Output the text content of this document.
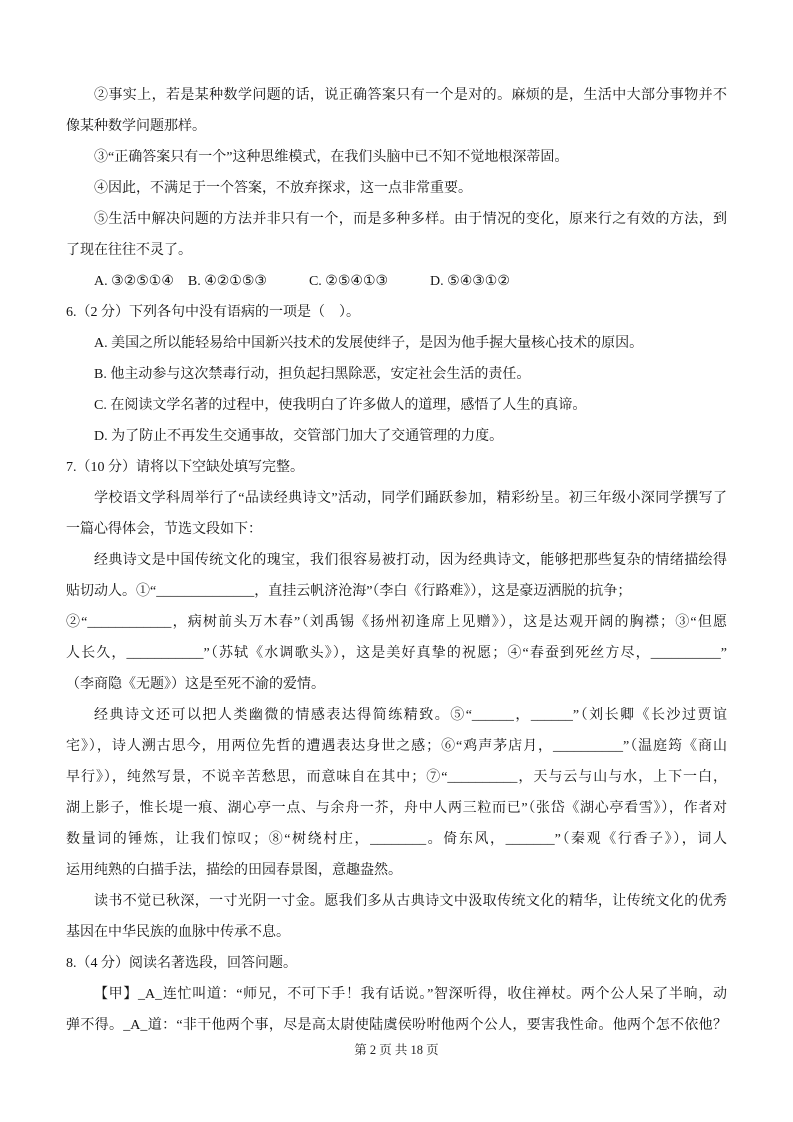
②事实上，若是某种数学问题的话，说正确答案只有一个是对的。麻烦的是，生活中大部分事物并不
像某种数学问题那样。
③“正确答案只有一个”这种思维模式，在我们头脑中已不知不觉地根深蒂固。
④因此，不满足于一个答案，不放弃探求，这一点非常重要。
⑤生活中解决问题的方法并非只有一个，而是多种多样。由于情况的变化，原来行之有效的方法，到
了现在往往不灵了。
A. ③②⑤①④　B. ④②①⑤③　　　C. ②⑤④①③　　　D. ⑤④③①②
6.（2 分）下列各句中没有语病的一项是（　）。
A. 美国之所以能轻易给中国新兴技术的发展使绊子，是因为他手握大量核心技术的原因。
B. 他主动参与这次禁毒行动，担负起扫黑除恶，安定社会生活的责任。
C. 在阅读文学名著的过程中，使我明白了许多做人的道理，感悟了人生的真谛。
D. 为了防止不再发生交通事故，交管部门加大了交通管理的力度。
7.（10 分）请将以下空缺处填写完整。
学校语文学科周举行了“品读经典诗文”活动，同学们踊跃参加，精彩纷呈。初三年级小深同学撰写了
一篇心得体会，节选文段如下：
经典诗文是中国传统文化的瑰宝，我们很容易被打动，因为经典诗文，能够把那些复杂的情绪描绘得
贴切动人。①“______________，直挂云帆济沧海”（李白《行路难》），这是豪迈洒脱的抗争；
②“____________，病树前头万木春”（刘禹锡《扬州初逢席上见赠》），这是达观开阔的胸襟；③“但愿
人长久，___________”（苏轼《水调歌头》），这是美好真挚的祝愿；④“春蚕到死丝方尽，__________”
（李商隐《无题》）这是至死不渝的爱情。
经典诗文还可以把人类幽微的情感表达得简练精致。⑤“______，______”（刘长卿《长沙过贾谊
宅》），诗人溯古思今，用两位先哲的遭遇表达身世之感；⑥“鸡声茅店月，__________”（温庭筠《商山
早行》），纯然写景，不说辛苦愁思，而意味自在其中；⑦“__________，天与云与山与水，上下一白，
湖上影子，惟长堤一痕、湖心亭一点、与余舟一芥，舟中人两三粒而已”（张岱《湖心亭看雪》），作者对
数量词的锤炼，让我们惊叹；⑧“树绕村庄，________。倚东风，_______”（秦观《行香子》），词人
运用纯熟的白描手法，描绘的田园春景图，意趣盎然。
读书不觉已秋深，一寸光阴一寸金。愿我们多从古典诗文中汲取传统文化的精华，让传统文化的优秀
基因在中华民族的血脉中传承不息。
8.（4 分）阅读名著选段，回答问题。
【甲】_A_连忙叫道：“师兄，不可下手！我有话说。”智深听得，收住禅杖。两个公人呆了半晌，动
弹不得。_A_道：“非干他两个事，尽是高太尉使陆虞侯吩咐他两个公人，要害我性命。他两个怎不依他？
第 2 页 共 18 页
